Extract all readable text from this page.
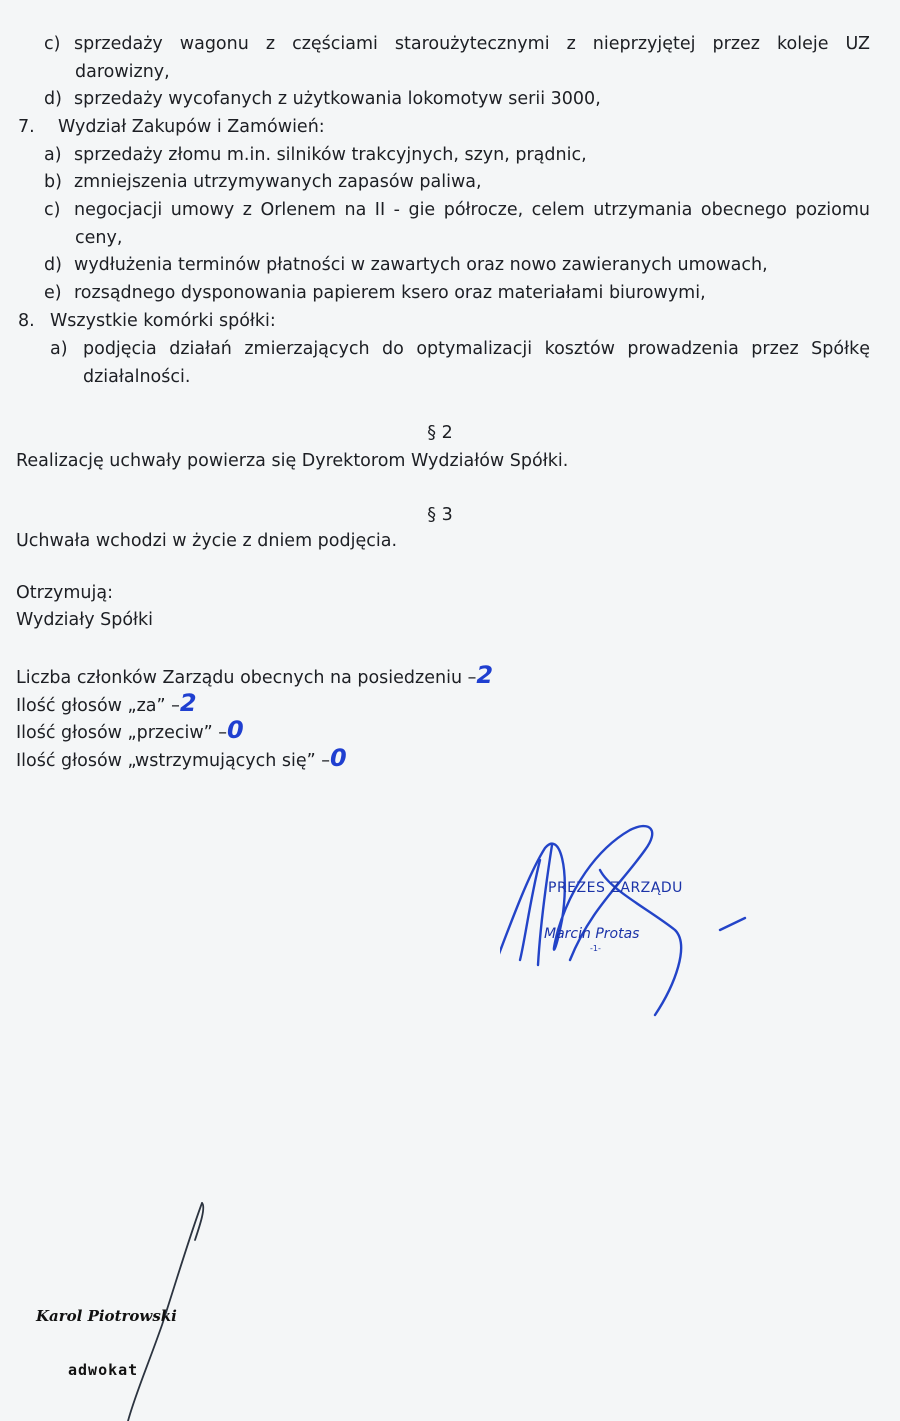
c) sprzedaży wagonu z częściami staroużytecznymi z nieprzyjętej przez koleje UZ
darowizny,
d) sprzedaży wycofanych z użytkowania lokomotyw serii 3000,
7. Wydział Zakupów i Zamówień:
a) sprzedaży złomu m.in. silników trakcyjnych, szyn, prądnic,
b) zmniejszenia utrzymywanych zapasów paliwa,
c) negocjacji umowy z Orlenem na II - gie półrocze, celem utrzymania obecnego poziomu
ceny,
d) wydłużenia terminów płatności w zawartych oraz nowo zawieranych umowach,
e) rozsądnego dysponowania papierem ksero oraz materiałami biurowymi,
8. Wszystkie komórki spółki:
a) podjęcia działań zmierzających do optymalizacji kosztów prowadzenia przez Spółkę
działalności.
§ 2
Realizację uchwały powierza się Dyrektorom Wydziałów Spółki.
§ 3
Uchwała wchodzi w życie z dniem podjęcia.
Otrzymują:
Wydziały Spółki
Liczba członków Zarządu obecnych na posiedzeniu –2
Ilość głosów „za” –2
Ilość głosów „przeciw” –0
Ilość głosów „wstrzymujących się” –0
PREZES ZARZĄDU
Marcin Protas
-1-
Karol Piotrowski
adwokat
